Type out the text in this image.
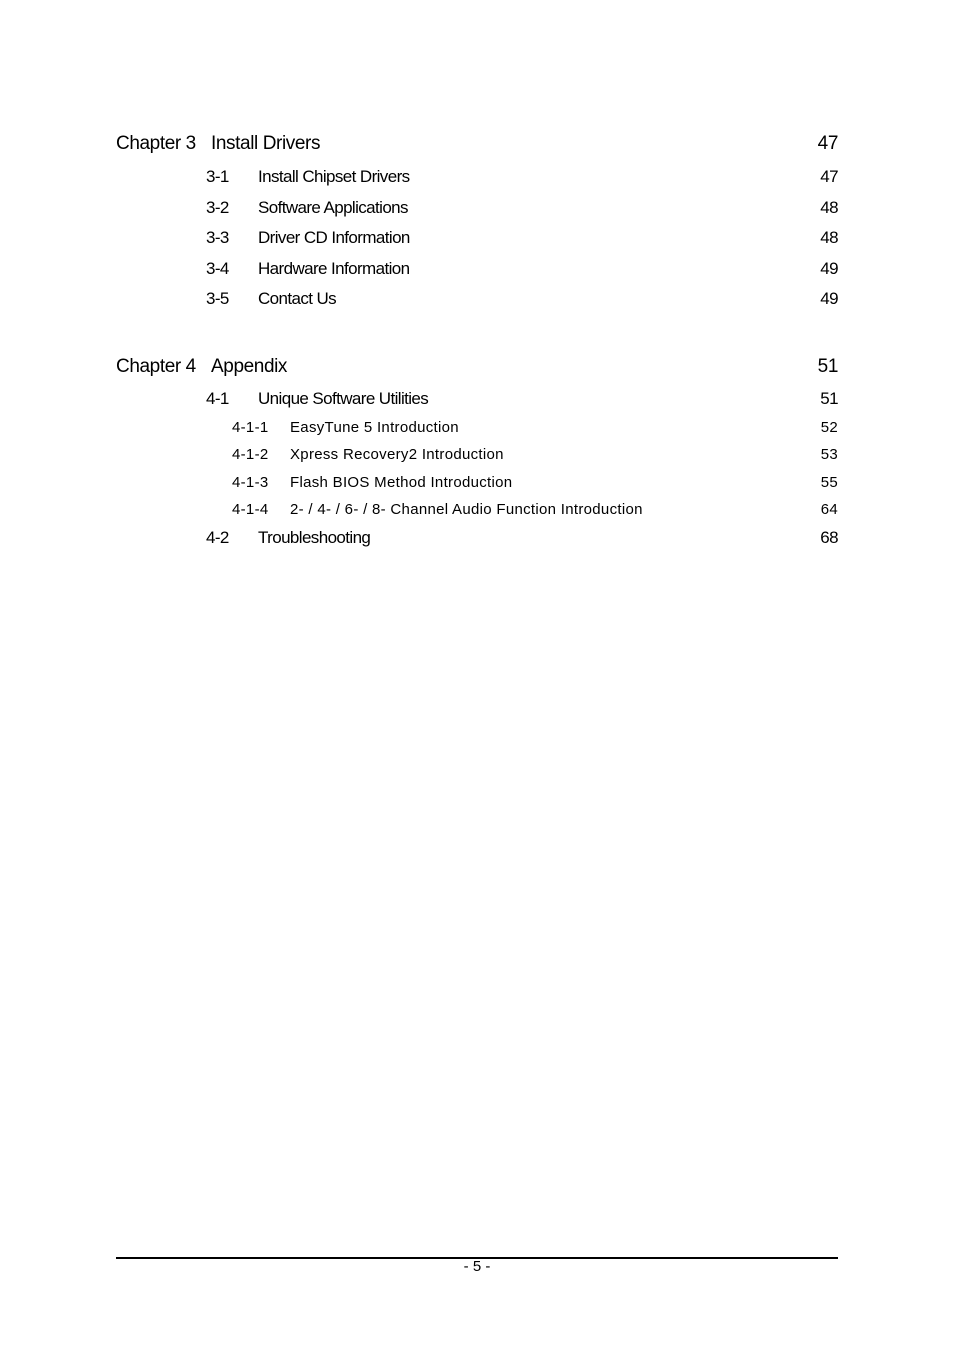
Chapter 3 Install Drivers	47
3-1	Install Chipset Drivers	47
3-2	Software Applications	48
3-3	Driver CD Information	48
3-4	Hardware Information	49
3-5	Contact Us	49
Chapter 4 Appendix	51
4-1	Unique Software Utilities	51
4-1-1	EasyTune 5 Introduction	52
4-1-2	Xpress Recovery2 Introduction	53
4-1-3	Flash BIOS Method Introduction	55
4-1-4	2- / 4- / 6- / 8- Channel Audio Function Introduction	64
4-2	Troubleshooting	68
- 5 -
